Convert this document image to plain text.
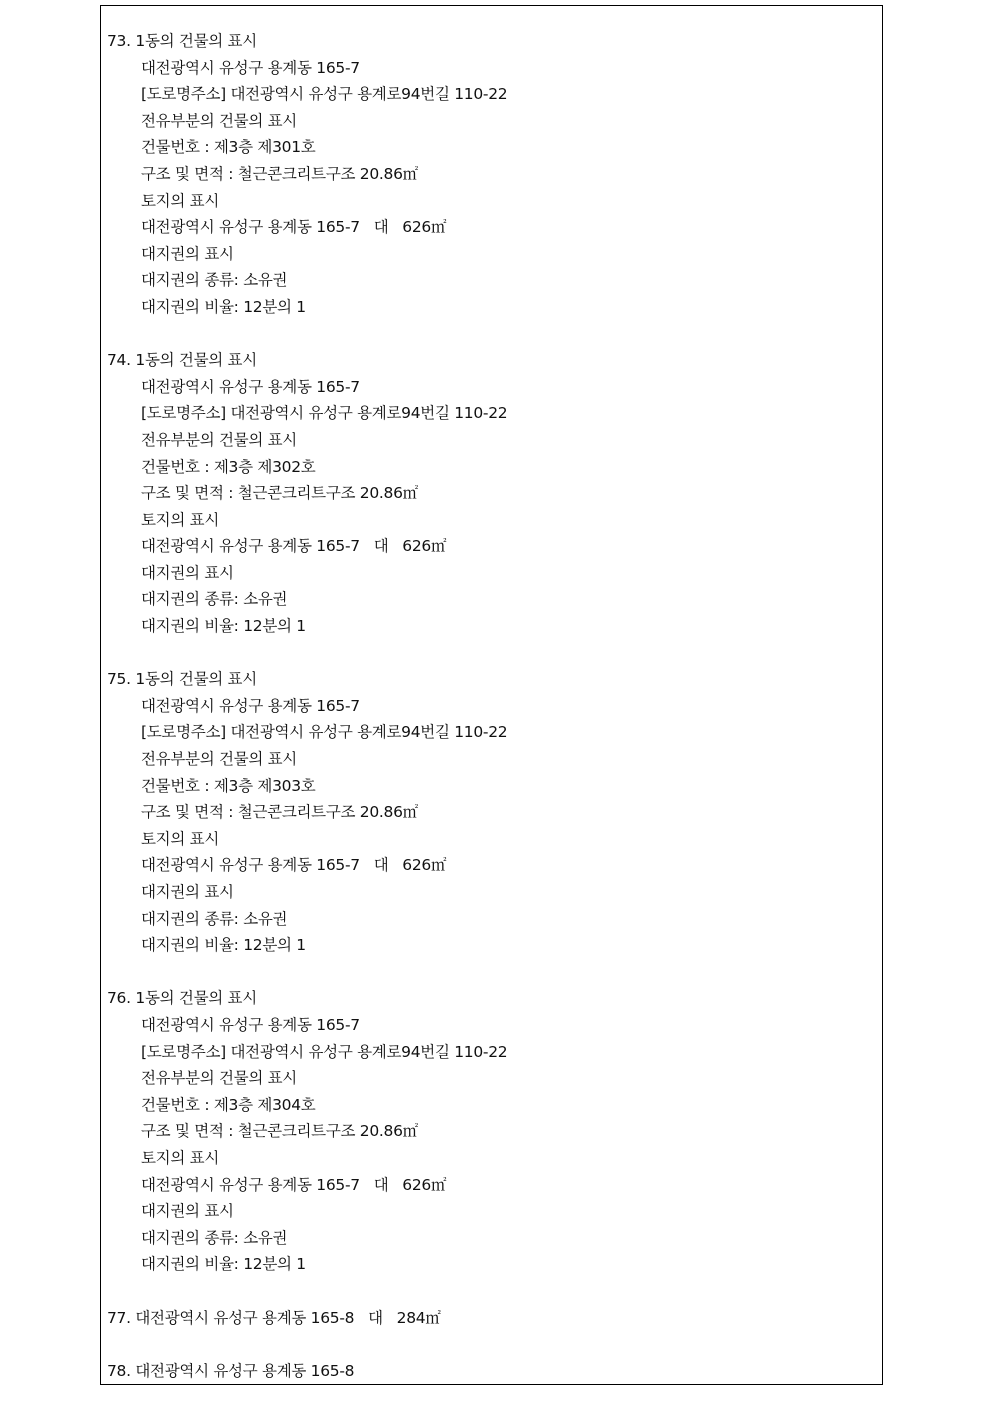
73. 1동의 건물의 표시
대전광역시 유성구 용계동 165-7
[도로명주소] 대전광역시 유성구 용계로94번길 110-22
전유부분의 건물의 표시
건물번호 : 제3층 제301호
구조 및 면적 : 철근콘크리트구조 20.86㎡
토지의 표시
대전광역시 유성구 용계동 165-7   대   626㎡
대지권의 표시
대지권의 종류: 소유권
대지권의 비율: 12분의 1
74. 1동의 건물의 표시
대전광역시 유성구 용계동 165-7
[도로명주소] 대전광역시 유성구 용계로94번길 110-22
전유부분의 건물의 표시
건물번호 : 제3층 제302호
구조 및 면적 : 철근콘크리트구조 20.86㎡
토지의 표시
대전광역시 유성구 용계동 165-7   대   626㎡
대지권의 표시
대지권의 종류: 소유권
대지권의 비율: 12분의 1
75. 1동의 건물의 표시
대전광역시 유성구 용계동 165-7
[도로명주소] 대전광역시 유성구 용계로94번길 110-22
전유부분의 건물의 표시
건물번호 : 제3층 제303호
구조 및 면적 : 철근콘크리트구조 20.86㎡
토지의 표시
대전광역시 유성구 용계동 165-7   대   626㎡
대지권의 표시
대지권의 종류: 소유권
대지권의 비율: 12분의 1
76. 1동의 건물의 표시
대전광역시 유성구 용계동 165-7
[도로명주소] 대전광역시 유성구 용계로94번길 110-22
전유부분의 건물의 표시
건물번호 : 제3층 제304호
구조 및 면적 : 철근콘크리트구조 20.86㎡
토지의 표시
대전광역시 유성구 용계동 165-7   대   626㎡
대지권의 표시
대지권의 종류: 소유권
대지권의 비율: 12분의 1
77. 대전광역시 유성구 용계동 165-8   대   284㎡
78. 대전광역시 유성구 용계동 165-8
